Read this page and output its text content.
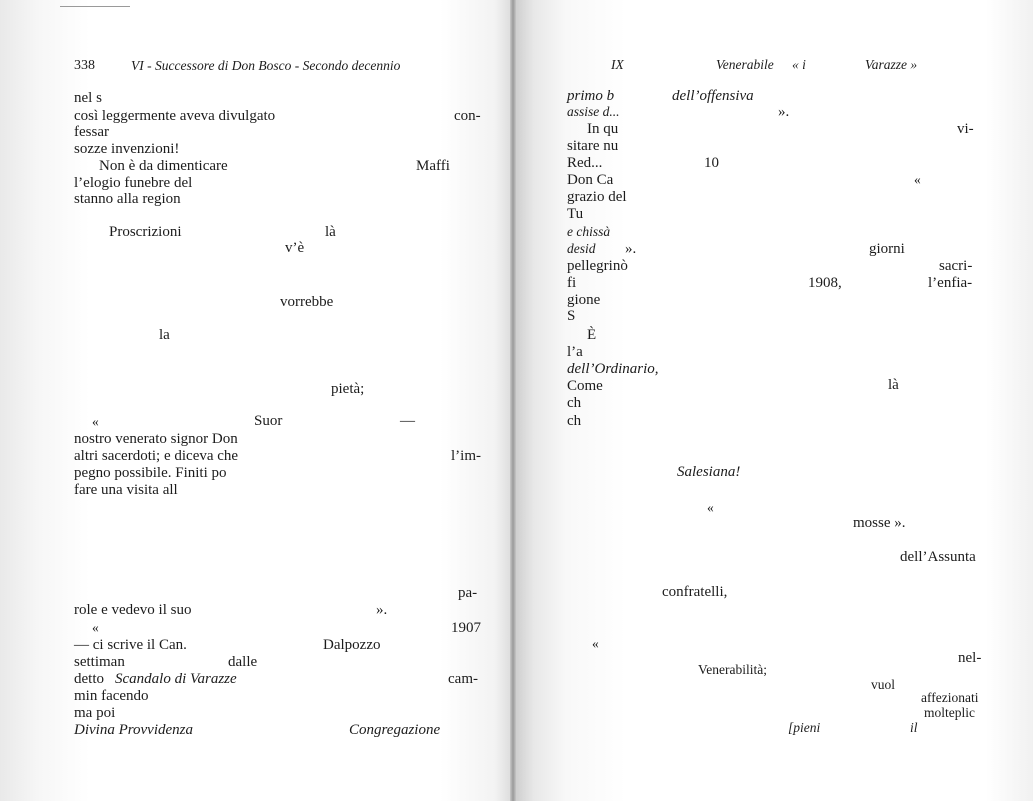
338	VI - Successore di Don Bosco - Secondo decennio
nel s
così leggermente aveva divulgato	con-
fessar
sozze invenzioni!
Non è da dimenticare	Maffi
l’elogio funebre del
stanno alla region
Proscrizioni	là
v’è
vorrebbe
la
pietà;
«	Suor	—
nostro venerato signor Don
altri sacerdoti; e diceva che	l’im-
pegno possibile. Finiti po
fare una visita all
pa-
role e vedevo il suo	».
«	1907
— ci scrive il Can.	Dalpozzo
settiman	dalle
detto Scandalo di Varazze	cam-
min facendo
ma poi
Divina Provvidenza	Congregazione
IX	Venerabile « i	Varazze »
primo b	dell’offensiva
assise d...	».
In qu	vi-
sitare nu
Red...	10
Don Ca	«
grazio del
Tu
e chissà
desid ».	giorni
pellegrinò	sacri-
fi	1908,	l’enfia-
gione
S
È
l’a
dell’Ordinario,
Come	là
ch
ch
Salesiana!
«
mosse ».
dell’Assunta
confratelli,
«
nel-
Venerabilità;
vuol
affezionati
molteplic
[pieni	il
